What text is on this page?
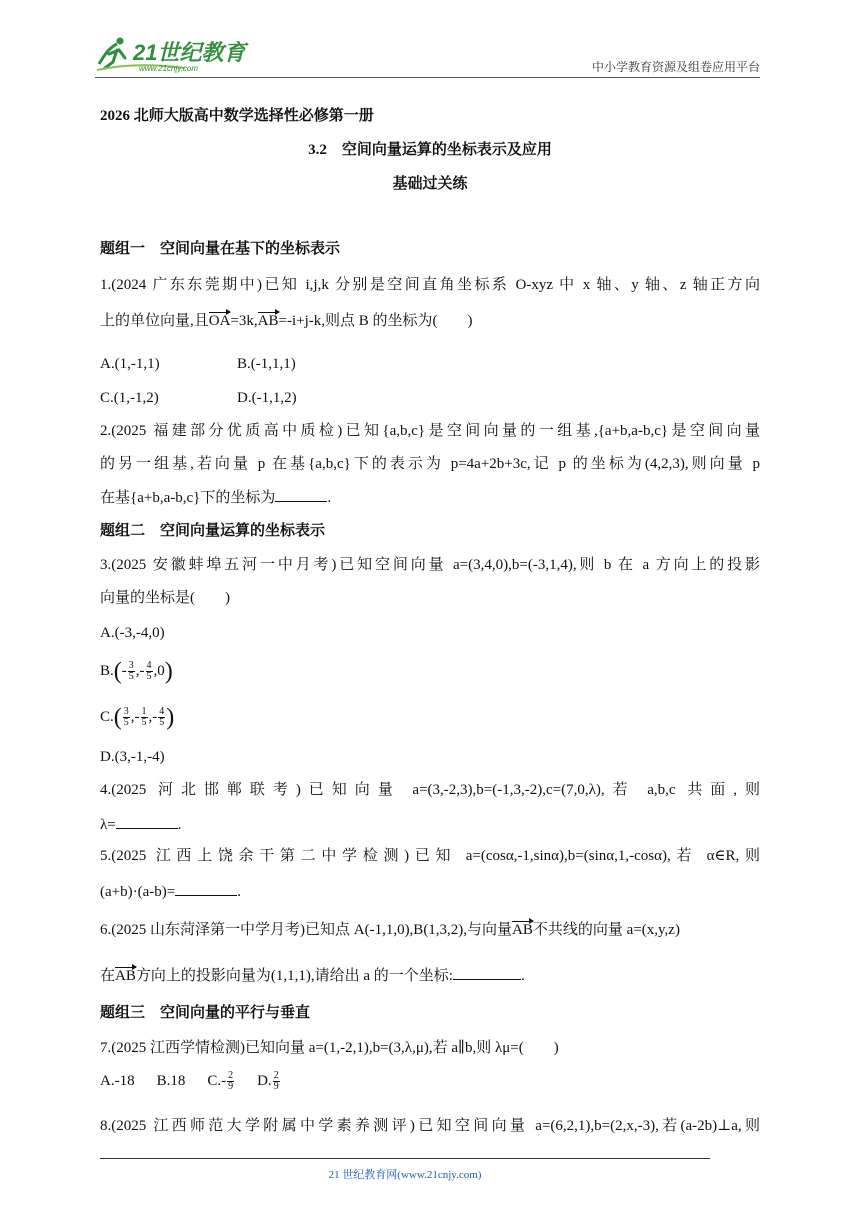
21世纪教育
www.21cnjy.com	中小学教育资源及组卷应用平台
2026 北师大版高中数学选择性必修第一册
3.2　空间向量运算的坐标表示及应用
基础过关练
题组一　空间向量在基下的坐标表示
1.(2024 广东东莞期中)已知 i,j,k 分别是空间直角坐标系 O-xyz 中 x 轴、y 轴、z 轴正方向
上的单位向量,且OA=3k,AB=-i+j-k,则点 B 的坐标为(　　)
A.(1,-1,1)	B.(-1,1,1)
C.(1,-1,2)	D.(-1,1,2)
2.(2025 福建部分优质高中质检)已知{a,b,c}是空间向量的一组基,{a+b,a-b,c}是空间向量
的另一组基,若向量 p 在基{a,b,c}下的表示为 p=4a+2b+3c,记 p 的坐标为(4,2,3),则向量 p
在基{a+b,a-b,c}下的坐标为	.
题组二　空间向量运算的坐标表示
3.(2025 安徽蚌埠五河一中月考)已知空间向量 a=(3,4,0),b=(-3,1,4),则 b 在 a 方向上的投影
向量的坐标是(　　)
A.(-3,-4,0)
$B.(- \frac{3}{5}$ ,- $\frac{4}{5} ,0$)
$C.( \frac{3}{5}$ ,- $\frac{1}{5}$ ,- $\frac{4}{5}$ )
D.(3,-1,-4)
4.(2025 河北邯郸联考)已知向量 a=(3,-2,3),b=(-1,3,-2),c=(7,0,λ),若 a,b,c 共面,则
λ=	.
5.(2025 江西上饶余干第二中学检测)已知 a=(cosα,-1,sinα),b=(sinα,1,-cosα),若 α∈R,则
(a+b)·(a-b)=	.
6.(2025 山东菏泽第一中学月考)已知点 A(-1,1,0),B(1,3,2),与向量AB不共线的向量 a=(x,y,z)
在AB方向上的投影向量为(1,1,1),请给出 a 的一个坐标:	.
题组三　空间向量的平行与垂直
7.(2025 江西学情检测)已知向量 a=(1,-2,1),b=(3,λ,μ),若 a∥b,则 λμ=(　　)
A.-18 B.18 $C.- \frac{2}{9} D$. $\frac{2}{9}$
8.(2025 江西师范大学附属中学素养测评)已知空间向量 a=(6,2,1),b=(2,x,-3),若(a-2b)⊥a,则
21 世纪教育网(www.21cnjy.com)
